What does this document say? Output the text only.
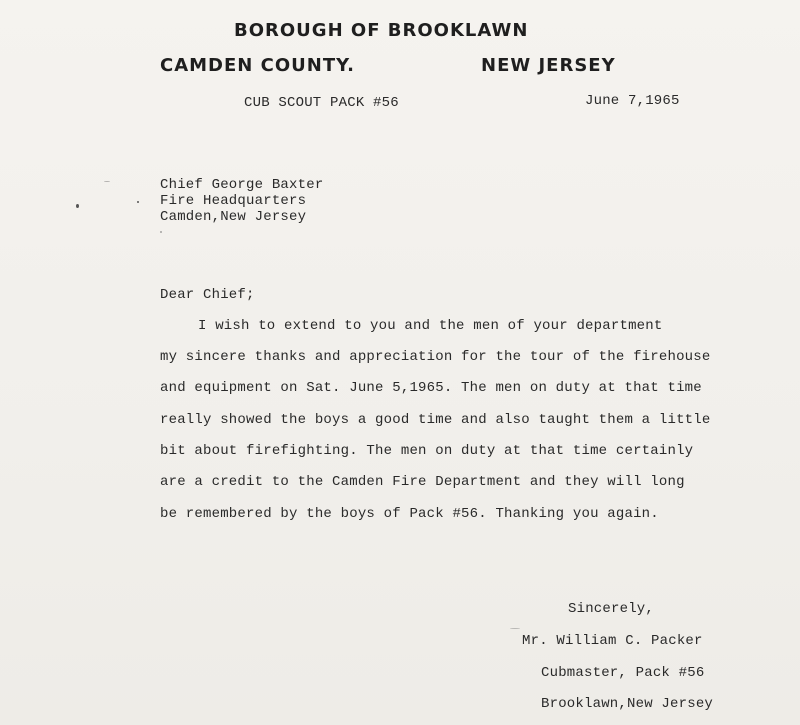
BOROUGH OF BROOKLAWN
CAMDEN COUNTY.	NEW JERSEY
CUB SCOUT PACK #56	June 7,1965
Chief George Baxter
Fire Headquarters
Camden,New Jersey
Dear Chief;
I wish to extend to you and the men of your department
my sincere thanks and appreciation for the tour of the firehouse
and equipment on Sat. June 5,1965. The men on duty at that time
really showed the boys a good time and also taught them a little
bit about firefighting. The men on duty at that time certainly
are a credit to the Camden Fire Department and they will long
be remembered by the boys of Pack #56. Thanking you again.
Sincerely,
Mr. William C. Packer
Cubmaster, Pack #56
Brooklawn,New Jersey
